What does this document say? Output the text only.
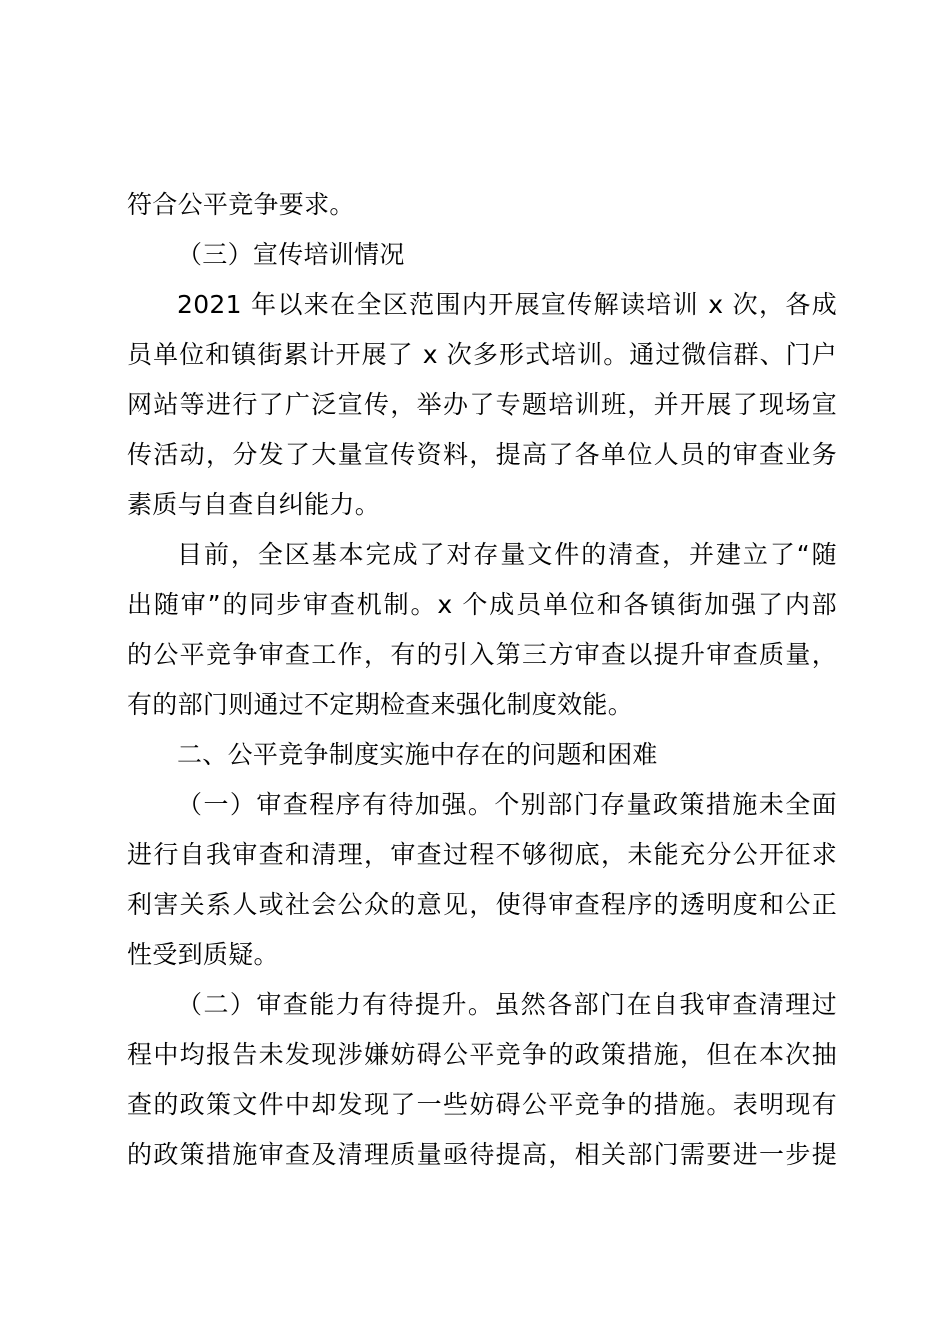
符合公平竞争要求。
（三）宣传培训情况
2021 年以来在全区范围内开展宣传解读培训 x 次，各成
员单位和镇街累计开展了 x 次多形式培训。通过微信群、门户
网站等进行了广泛宣传，举办了专题培训班，并开展了现场宣
传活动，分发了大量宣传资料，提高了各单位人员的审查业务
素质与自查自纠能力。
目前，全区基本完成了对存量文件的清查，并建立了“随
出随审”的同步审查机制。x 个成员单位和各镇街加强了内部
的公平竞争审查工作，有的引入第三方审查以提升审查质量，
有的部门则通过不定期检查来强化制度效能。
二、公平竞争制度实施中存在的问题和困难
（一）审查程序有待加强。个别部门存量政策措施未全面
进行自我审查和清理，审查过程不够彻底，未能充分公开征求
利害关系人或社会公众的意见，使得审查程序的透明度和公正
性受到质疑。
（二）审查能力有待提升。虽然各部门在自我审查清理过
程中均报告未发现涉嫌妨碍公平竞争的政策措施，但在本次抽
查的政策文件中却发现了一些妨碍公平竞争的措施。表明现有
的政策措施审查及清理质量亟待提高，相关部门需要进一步提
